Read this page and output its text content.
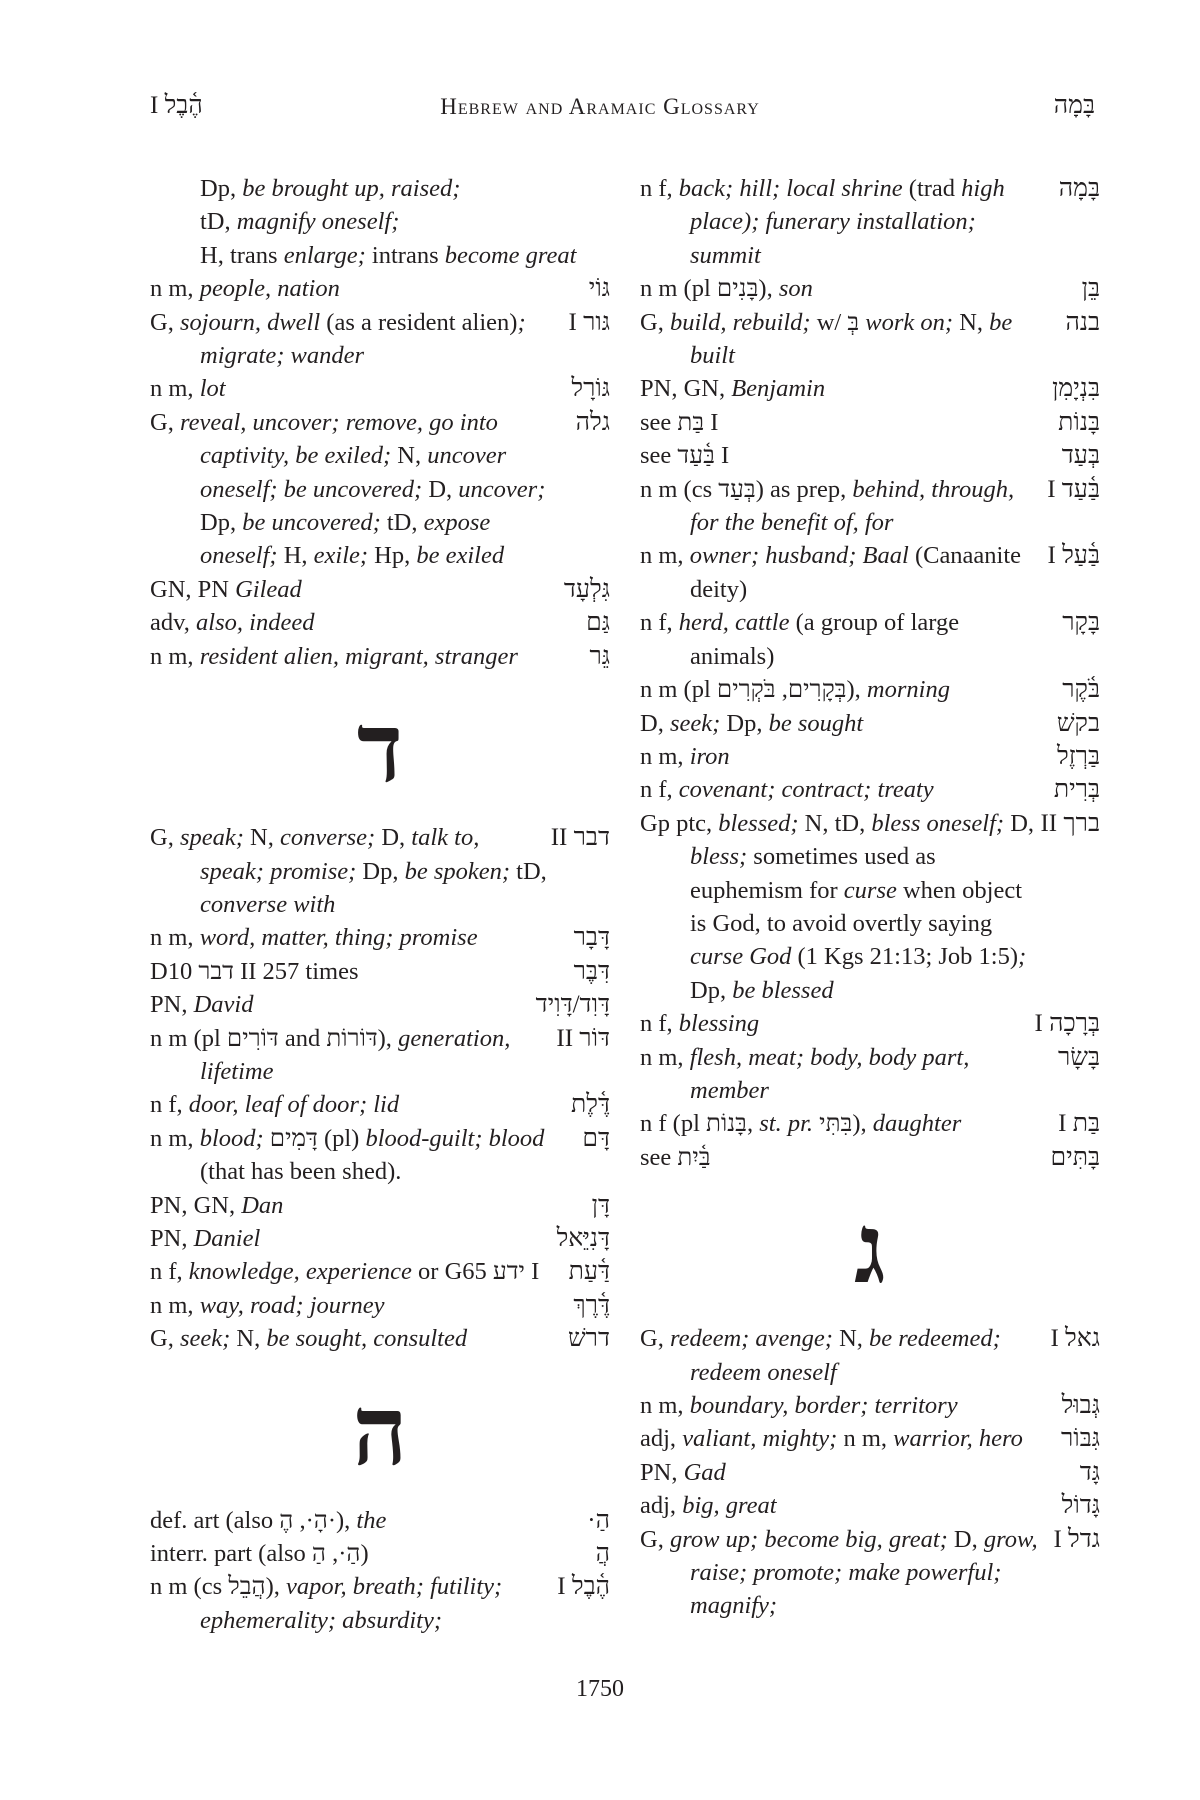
הֶ֫בֶל I	Hebrew and Aramaic Glossary	בָּמָה
Dp, be brought up, raised;
tD, magnify oneself;
H, trans enlarge; intrans become great
גּוֹי
n m, people, nation
גּור I
G, sojourn, dwell (as a resident alien); migrate; wander
גּוֹרָל
n m, lot
גלה
G, reveal, uncover; remove, go into captivity, be exiled; N, uncover oneself; be uncovered; D, uncover; Dp, be uncovered; tD, expose oneself; H, exile; Hp, be exiled
גִּלְעָד
GN, PN Gilead
גַּם
adv, also, indeed
גֵּר
n m, resident alien, migrant, stranger
ד
דבר II
G, speak; N, converse; D, talk to, speak; promise; Dp, be spoken; tD, converse with
דָּבָר
n m, word, matter, thing; promise
דִּבֶּר
D10 דבר II 257 times
דָּוִד/דָּוִיד
PN, David
דּוֹר II
n m (pl דּוֹרִים and דּוֹרוֹת), generation, lifetime
דֶּ֫לֶת
n f, door, leaf of door; lid
דָּם
n m, blood; דָּמִים (pl) blood-guilt; blood (that has been shed).
דָּן
PN, GN, Dan
דָּנִיֵּאל
PN, Daniel
דַּ֫עַת
n f, knowledge, experience or G65 ידע I
דֶּ֫רֶךְ
n m, way, road; journey
דרשׁ
G, seek; N, be sought, consulted
ה
הַ·
def. art (also הָ·, הֶ·), the
הֲ
interr. part (also הַ·, הַ)
הֶ֫בֶל I
n m (cs הֲבֵל), vapor, breath; futility; ephemerality; absurdity;
בָּמָה
n f, back; hill; local shrine (trad high place); funerary installation; summit
בֵּן
n m (pl בָּנִים), son
בנה
G, build, rebuild; w/ בְּ work on; N, be built
בִּנְיָמִן
PN, GN, Benjamin
בָּנוֹת
see בַּת I
בְּעַד
see בַּ֫עַד I
בַּ֫עַד I
n m (cs בְּעַד) as prep, behind, through, for the benefit of, for
בַּ֫עַל I
n m, owner; husband; Baal (Canaanite deity)
בָּקָר
n f, herd, cattle (a group of large animals)
בֹּ֫קֶר
n m (pl בְּקָרִים, בֹּקְרִים), morning
בקשׁ
D, seek; Dp, be sought
בַּרְזֶל
n m, iron
בְּרִית
n f, covenant; contract; treaty
ברך II
Gp ptc, blessed; N, tD, bless oneself; D, bless; sometimes used as euphemism for curse when object is God, to avoid overtly saying curse God (1 Kgs 21:13; Job 1:5); Dp, be blessed
בְּרָכָה I
n f, blessing
בָּשָׂר
n m, flesh, meat; body, body part, member
בַּת I
n f (pl בָּנוֹת, st. pr. בִּתִּי), daughter
בָּתִּים
see בַּ֫יִת
ג
גאל I
G, redeem; avenge; N, be redeemed; redeem oneself
גְּבוּל
n m, boundary, border; territory
גִּבּוֹר
adj, valiant, mighty; n m, warrior, hero
גָּד
PN, Gad
גָּדוֹל
adj, big, great
גדל I
G, grow up; become big, great; D, grow, raise; promote; make powerful; magnify;
1750
